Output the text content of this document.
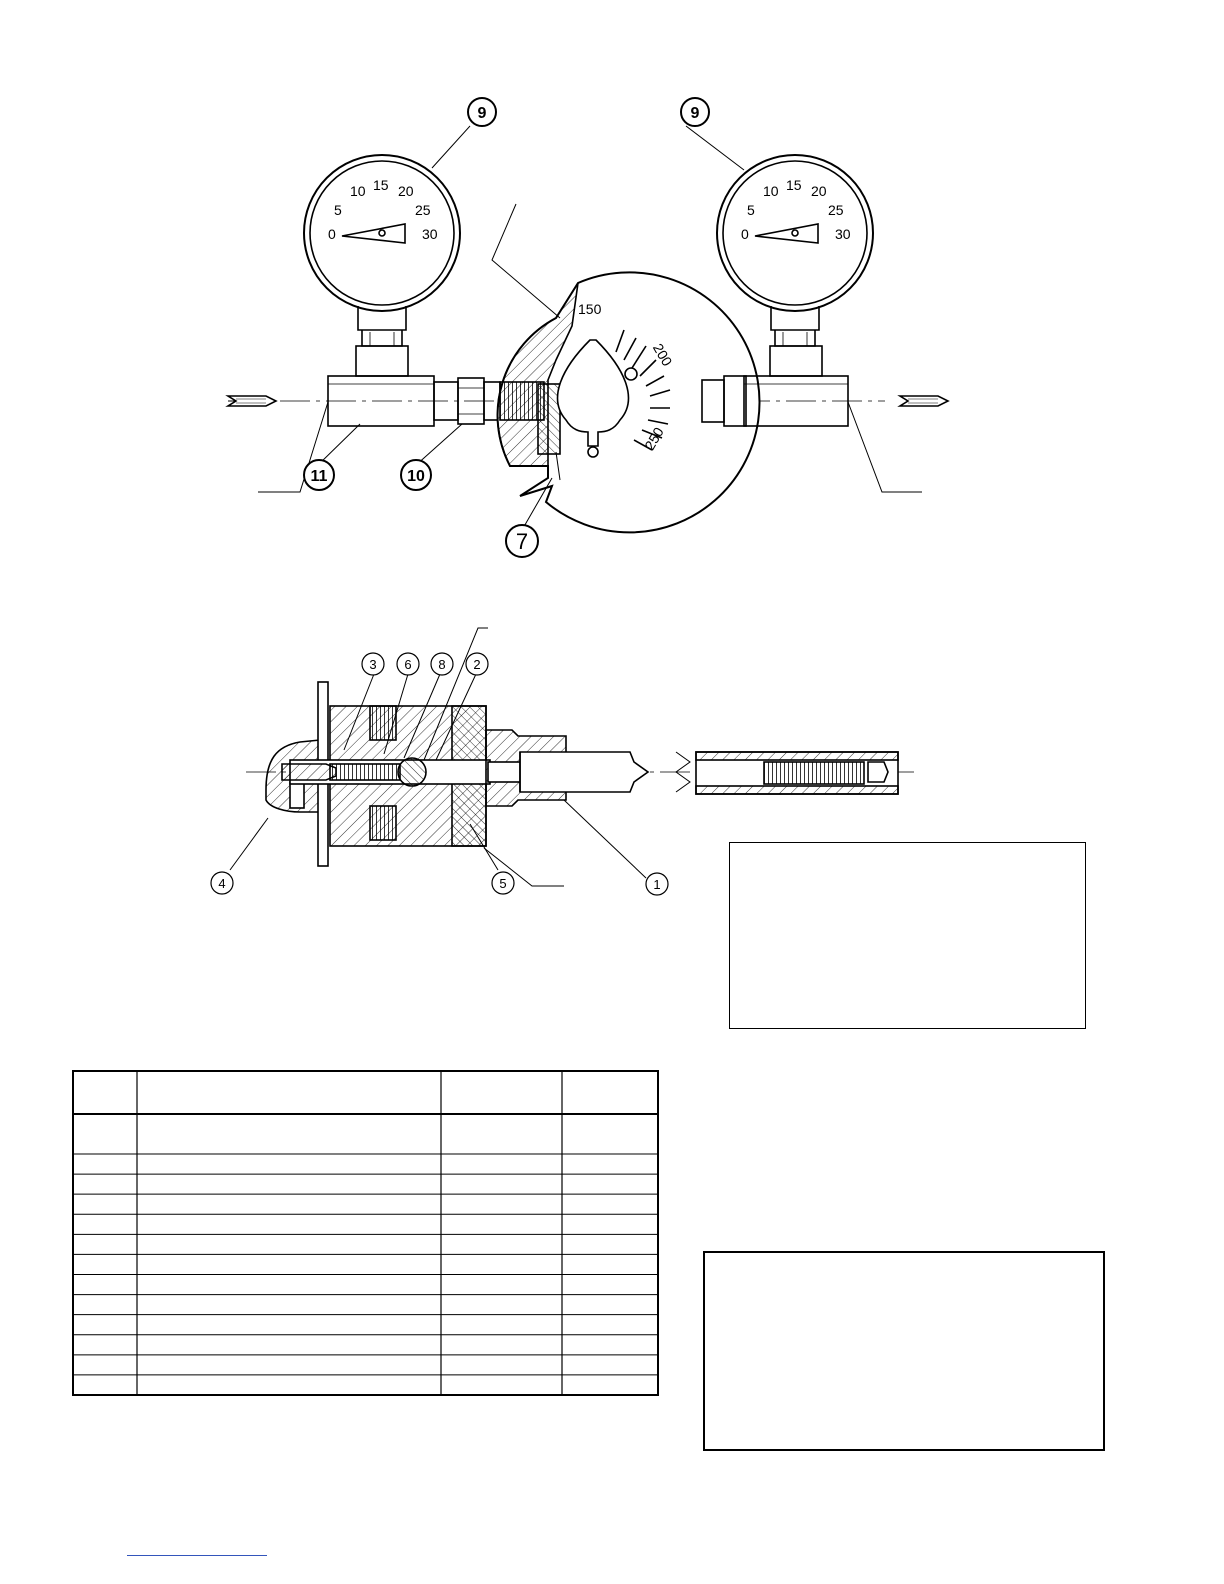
0
5
10 15 20
25
30	0
5
10 15 20
25
30
150
200
250
9	9
11	10
7
3 6 8 2
4	5	1
